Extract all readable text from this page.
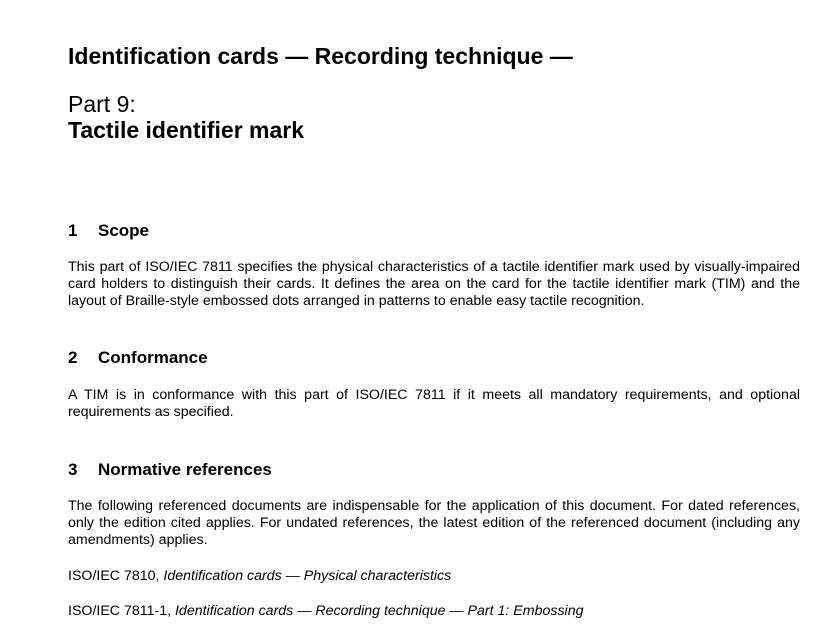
Identification cards — Recording technique —
Part 9:
Tactile identifier mark
1 Scope
This part of ISO/IEC 7811 specifies the physical characteristics of a tactile identifier mark used by visually-impaired card holders to distinguish their cards. It defines the area on the card for the tactile identifier mark (TIM) and the layout of Braille-style embossed dots arranged in patterns to enable easy tactile recognition.
2 Conformance
A TIM is in conformance with this part of ISO/IEC 7811 if it meets all mandatory requirements, and optional requirements as specified.
3 Normative references
The following referenced documents are indispensable for the application of this document. For dated references, only the edition cited applies. For undated references, the latest edition of the referenced document (including any amendments) applies.
ISO/IEC 7810, Identification cards — Physical characteristics
ISO/IEC 7811-1, Identification cards — Recording technique — Part 1: Embossing
